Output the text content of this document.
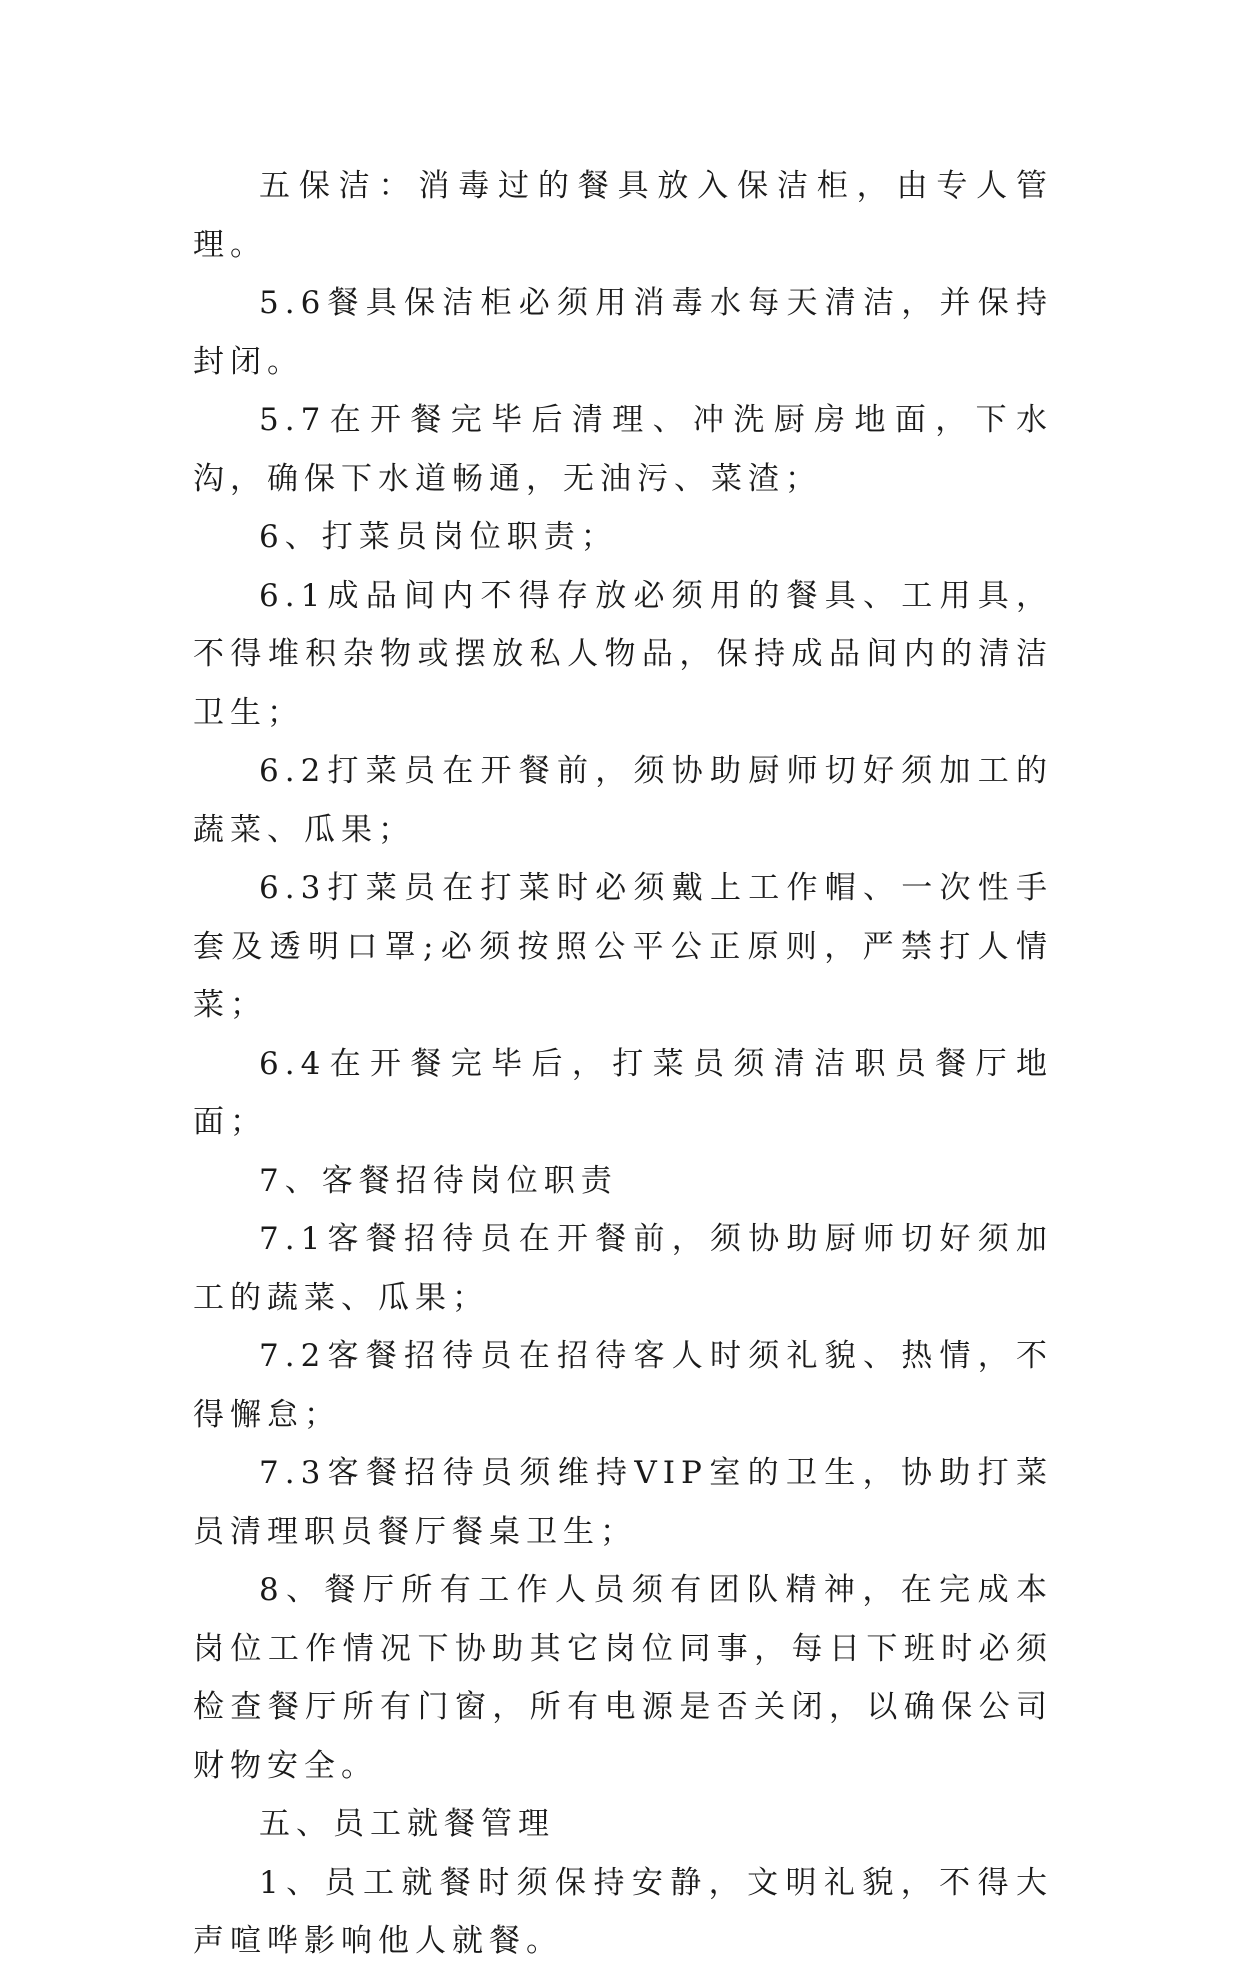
五保洁：消毒过的餐具放入保洁柜，由专人管理。

5.6餐具保洁柜必须用消毒水每天清洁，并保持封闭。

5.7在开餐完毕后清理、冲洗厨房地面，下水沟，确保下水道畅通，无油污、菜渣；

6、打菜员岗位职责；

6.1成品间内不得存放必须用的餐具、工用具，不得堆积杂物或摆放私人物品，保持成品间内的清洁卫生；

6.2打菜员在开餐前，须协助厨师切好须加工的蔬菜、瓜果；

6.3打菜员在打菜时必须戴上工作帽、一次性手套及透明口罩;必须按照公平公正原则，严禁打人情菜；

6.4在开餐完毕后，打菜员须清洁职员餐厅地面；

7、客餐招待岗位职责

7.1客餐招待员在开餐前，须协助厨师切好须加工的蔬菜、瓜果；

7.2客餐招待员在招待客人时须礼貌、热情，不得懈怠；

7.3客餐招待员须维持VIP室的卫生，协助打菜员清理职员餐厅餐桌卫生；

8、餐厅所有工作人员须有团队精神，在完成本岗位工作情况下协助其它岗位同事，每日下班时必须检查餐厅所有门窗，所有电源是否关闭，以确保公司财物安全。

五、员工就餐管理

1、员工就餐时须保持安静，文明礼貌，不得大声喧哗影响他人就餐。
